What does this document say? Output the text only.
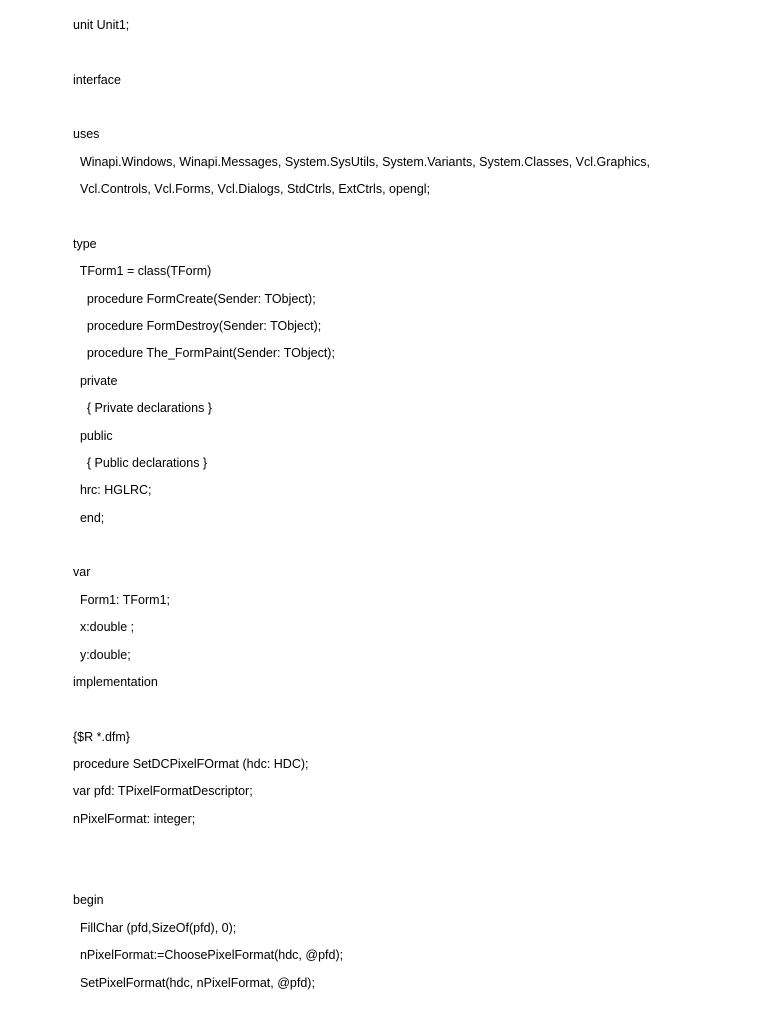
unit Unit1;
interface
uses
Winapi.Windows, Winapi.Messages, System.SysUtils, System.Variants, System.Classes, Vcl.Graphics,
Vcl.Controls, Vcl.Forms, Vcl.Dialogs, StdCtrls, ExtCtrls, opengl;
type
TForm1 = class(TForm)
procedure FormCreate(Sender: TObject);
procedure FormDestroy(Sender: TObject);
procedure The_FormPaint(Sender: TObject);
private
{ Private declarations }
public
{ Public declarations }
hrc: HGLRC;
end;
var
Form1: TForm1;
x:double ;
y:double;
implementation
{$R *.dfm}
procedure SetDCPixelFOrmat (hdc: HDC);
var pfd: TPixelFormatDescriptor;
nPixelFormat: integer;
begin
FillChar (pfd,SizeOf(pfd), 0);
nPixelFormat:=ChoosePixelFormat(hdc, @pfd);
SetPixelFormat(hdc, nPixelFormat, @pfd);
